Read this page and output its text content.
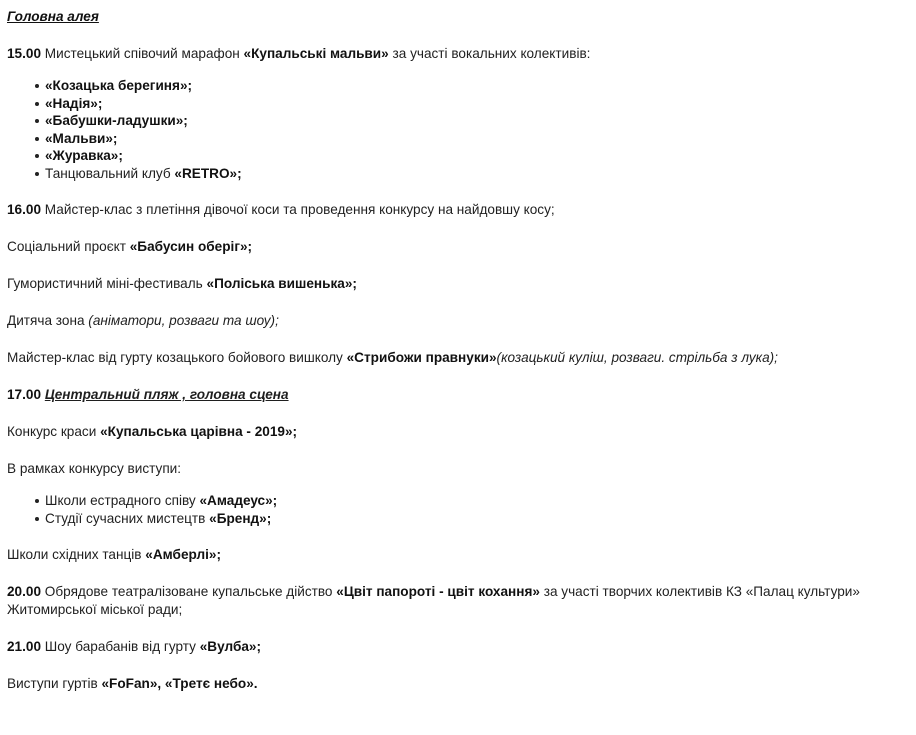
Головна алея

15.00 Мистецький співочий марафон «Купальські мальви» за участі вокальних колективів:

«Козацька берегиня»;
«Надія»;
«Бабушки-ладушки»;
«Мальви»;
«Журавка»;
Танцювальний клуб «RETRO»;

16.00 Майстер-клас з плетіння дівочої коси та проведення конкурсу на найдовшу косу;

Соціальний проєкт «Бабусин оберіг»;

Гумористичний міні-фестиваль «Поліська вишенька»;

Дитяча зона (аніматори, розваги та шоу);

Майстер-клас від гурту козацького бойового вишколу «Стрибожи правнуки»(козацький куліш, розваги. стрільба з лука);

17.00 Центральний пляж , головна сцена

Конкурс краси «Купальська царівна - 2019»;

В рамках конкурсу виступи:

Школи естрадного співу «Амадеус»;
Студії сучасних мистецтв «Бренд»;

Школи східних танців «Амберлі»;

20.00 Обрядове театралізоване купальське дійство «Цвіт папороті - цвіт кохання» за участі творчих колективів КЗ «Палац культури» Житомирської міської ради;

21.00 Шоу барабанів від гурту «Вулба»;

Виступи гуртів «FoFan», «Третє небо».
